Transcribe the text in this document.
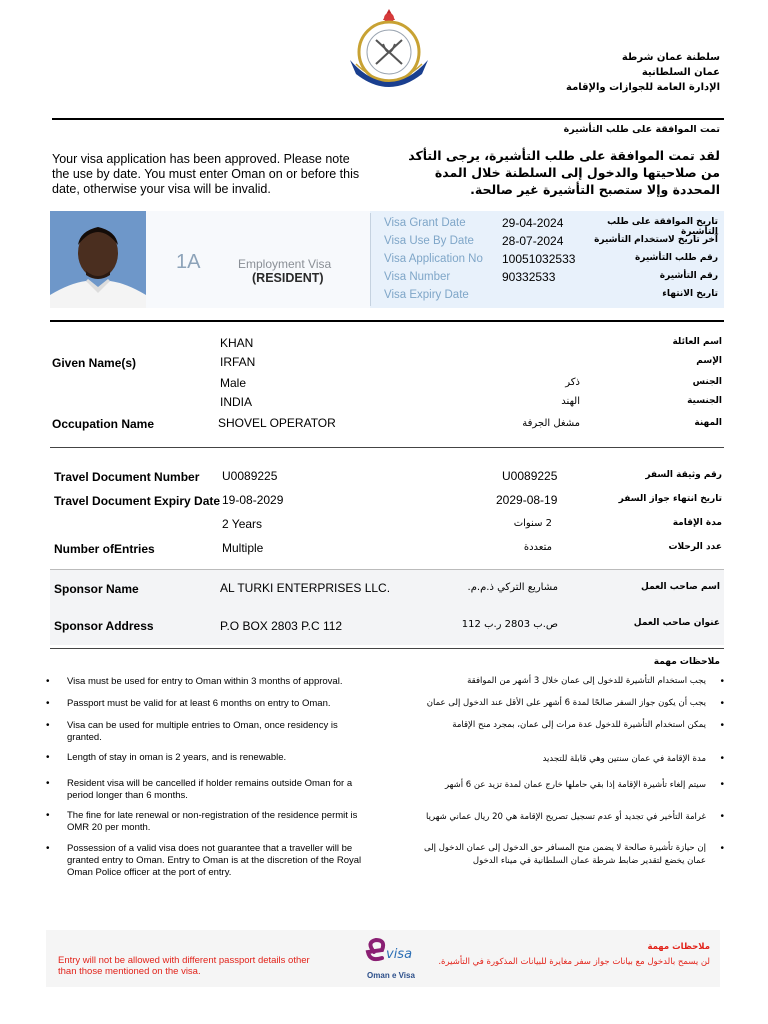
سلطنة عمان شرطة
عمان السلطانية
الإدارة العامة للجوازات والإقامة
تمت الموافقة على طلب التأشيرة
Your visa application has been approved. Please note the use by date. You must enter Oman on or before this date, otherwise your visa will be invalid.
لقد تمت الموافقة على طلب التأشيرة، يرجى التأكد من صلاحيتها والدخول إلى السلطنة خلال المدة المحددة وإلا ستصبح التأشيرة غير صالحة.
1A	Employment Visa
(RESIDENT)
Visa Grant Date	29-04-2024	تاريخ الموافقة على طلب التأشيرة
Visa Use By Date 28-07-2024	آخر تاريخ لاستخدام التأشيرة
Visa Application No 10051032533	رقم طلب التأشيرة
Visa Number	90332533	رقم التأشيرة
Visa Expiry Date	تاريخ الانتهاء
KHAN	اسم العائلة
Given Name(s)	IRFAN	الإسم
Male	ذكر	الجنس
INDIA	الهند	الجنسية
Occupation Name	SHOVEL OPERATOR	مشغل الجرفة	المهنة
Travel Document Number U0089225	U0089225	رقم وثيقة السفر
Travel Document Expiry Date 19-08-2029	2029-08-19	تاريخ انتهاء جواز السفر
2 Years	2 سنوات	مدة الإقامة
Number ofEntries	Multiple	متعددة	عدد الرحلات
Sponsor Name	AL TURKI ENTERPRISES LLC.	مشاريع التركي ذ.م.م.	اسم صاحب العمل
Sponsor Address	P.O BOX 2803 P.C 112	ص.ب 2803 ر.ب 112	عنوان صاحب العمل
ملاحظات مهمة
• Visa must be used for entry to Oman within 3 months of approval.	يجب استخدام التأشيرة للدخول إلى عمان خلال 3 أشهر من الموافقة •
• Passport must be valid for at least 6 months on entry to Oman.	يجب أن يكون جواز السفر صالحًا لمدة 6 أشهر على الأقل عند الدخول إلى عمان •
• Visa can be used for multiple entries to Oman, once residency is granted.
يمكن استخدام التأشيرة للدخول عدة مرات إلى عمان، بمجرد منح الإقامة •
• Length of stay in oman is 2 years, and is renewable.	مدة الإقامة في عمان سنتين وهي قابلة للتجديد •
• Resident visa will be cancelled if holder remains outside Oman for a period longer than 6 months.
سيتم إلغاء تأشيرة الإقامة إذا بقي حاملها خارج عمان لمدة تزيد عن 6 أشهر •
• The fine for late renewal or non-registration of the residence permit is OMR 20 per month.
غرامة التأخير في تجديد أو عدم تسجيل تصريح الإقامة هي 20 ريال عماني شهريا •
• Possession of a valid visa does not guarantee that a traveller will be granted entry to Oman. Entry to Oman is at the discretion of the Royal Oman Police officer at the port of entry.
إن حيازة تأشيرة صالحة لا يضمن منح المسافر حق الدخول إلى عمان الدخول إلى عمان يخضع لتقدير ضابط شرطة عمان السلطانية في ميناء الدخول
•
Entry will not be allowed with different passport details other than those mentioned on the visa.
visa
Oman e Visa
ملاحظات مهمة
لن يسمح بالدخول مع بيانات جواز سفر مغايرة للبيانات المذكورة في التأشيرة.
